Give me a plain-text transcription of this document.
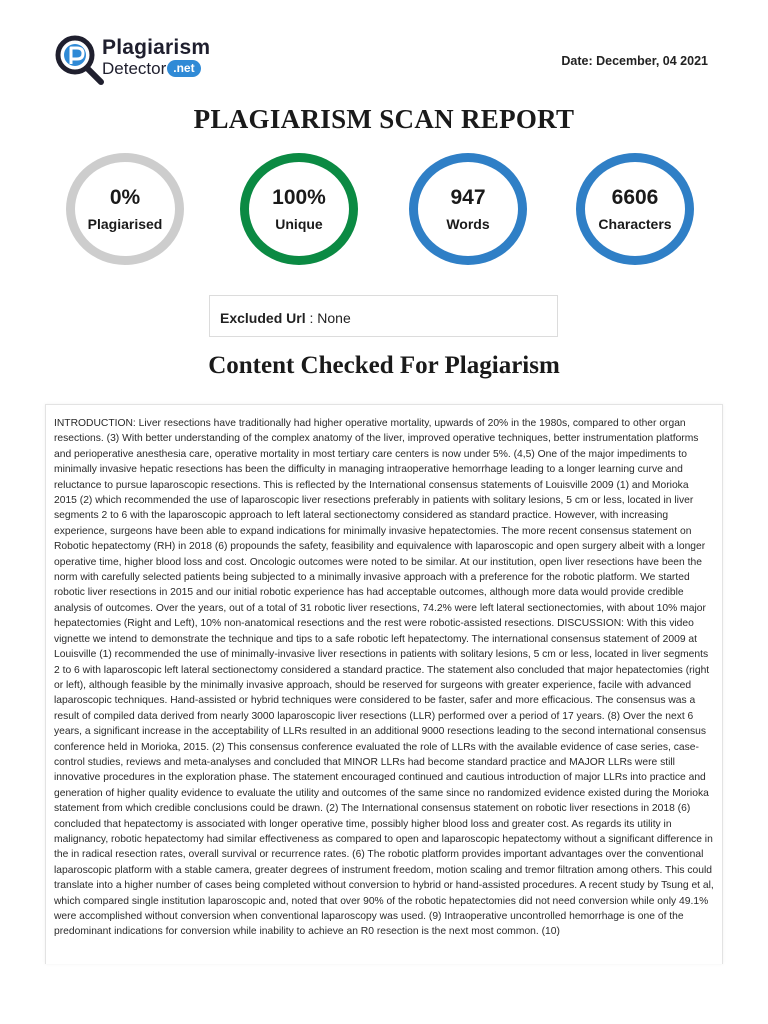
Plagiarism
Detector .net	Date: December, 04 2021
PLAGIARISM SCAN REPORT
0%
Plagiarised
100%
Unique
947
Words
6606
Characters
Excluded Url : None
Content Checked For Plagiarism

INTRODUCTION: Liver resections have traditionally had higher operative mortality, upwards of 20% in the 1980s, compared to other organ resections. (3) With better understanding of the complex anatomy of the liver, improved operative techniques, better instrumentation platforms and perioperative anesthesia care, operative mortality in most tertiary care centers is now under 5%. (4,5) One of the major impediments to minimally invasive hepatic resections has been the difficulty in managing intraoperative hemorrhage leading to a longer learning curve and reluctance to pursue laparoscopic resections. This is reflected by the International consensus statements of Louisville 2009 (1) and Morioka 2015 (2) which recommended the use of laparoscopic liver resections preferably in patients with solitary lesions, 5 cm or less, located in liver segments 2 to 6 with the laparoscopic approach to left lateral sectionectomy considered as standard practice. However, with increasing experience, surgeons have been able to expand indications for minimally invasive hepatectomies. The more recent consensus statement on Robotic hepatectomy (RH) in 2018 (6) propounds the safety, feasibility and equivalence with laparoscopic and open surgery albeit with a longer operative time, higher blood loss and cost. Oncologic outcomes were noted to be similar. At our institution, open liver resections have been the norm with carefully selected patients being subjected to a minimally invasive approach with a preference for the robotic platform. We started robotic liver resections in 2015 and our initial robotic experience has had acceptable outcomes, although more data would provide credible analysis of outcomes. Over the years, out of a total of 31 robotic liver resections, 74.2% were left lateral sectionectomies, with about 10% major hepatectomies (Right and Left), 10% non-anatomical resections and the rest were robotic-assisted resections. DISCUSSION: With this video vignette we intend to demonstrate the technique and tips to a safe robotic left hepatectomy. The international consensus statement of 2009 at Louisville (1) recommended the use of minimally-invasive liver resections in patients with solitary lesions, 5 cm or less, located in liver segments 2 to 6 with laparoscopic left lateral sectionectomy considered a standard practice. The statement also concluded that major hepatectomies (right or left), although feasible by the minimally invasive approach, should be reserved for surgeons with greater experience, facile with advanced laparoscopic techniques. Hand-assisted or hybrid techniques were considered to be faster, safer and more efficacious. The consensus was a result of compiled data derived from nearly 3000 laparoscopic liver resections (LLR) performed over a period of 17 years. (8) Over the next 6 years, a significant increase in the acceptability of LLRs resulted in an additional 9000 resections leading to the second international consensus conference held in Morioka, 2015. (2) This consensus conference evaluated the role of LLRs with the available evidence of case series, case-control studies, reviews and meta-analyses and concluded that MINOR LLRs had become standard practice and MAJOR LLRs were still innovative procedures in the exploration phase. The statement encouraged continued and cautious introduction of major LLRs into practice and generation of higher quality evidence to evaluate the utility and outcomes of the same since no randomized evidence existed during the Morioka statement from which credible conclusions could be drawn. (2) The International consensus statement on robotic liver resections in 2018 (6) concluded that hepatectomy is associated with longer operative time, possibly higher blood loss and greater cost. As regards its utility in malignancy, robotic hepatectomy had similar effectiveness as compared to open and laparoscopic hepatectomy without a significant difference in the in radical resection rates, overall survival or recurrence rates. (6) The robotic platform provides important advantages over the conventional laparoscopic platform with a stable camera, greater degrees of instrument freedom, motion scaling and tremor filtration among others. This could translate into a higher number of cases being completed without conversion to hybrid or hand-assisted procedures. A recent study by Tsung et al, which compared single institution laparoscopic and, noted that over 90% of the robotic hepatectomies did not need conversion while only 49.1% were accomplished without conversion when conventional laparoscopy was used. (9) Intraoperative uncontrolled hemorrhage is one of the predominant indications for conversion while inability to achieve an R0 resection is the next most common. (10)
